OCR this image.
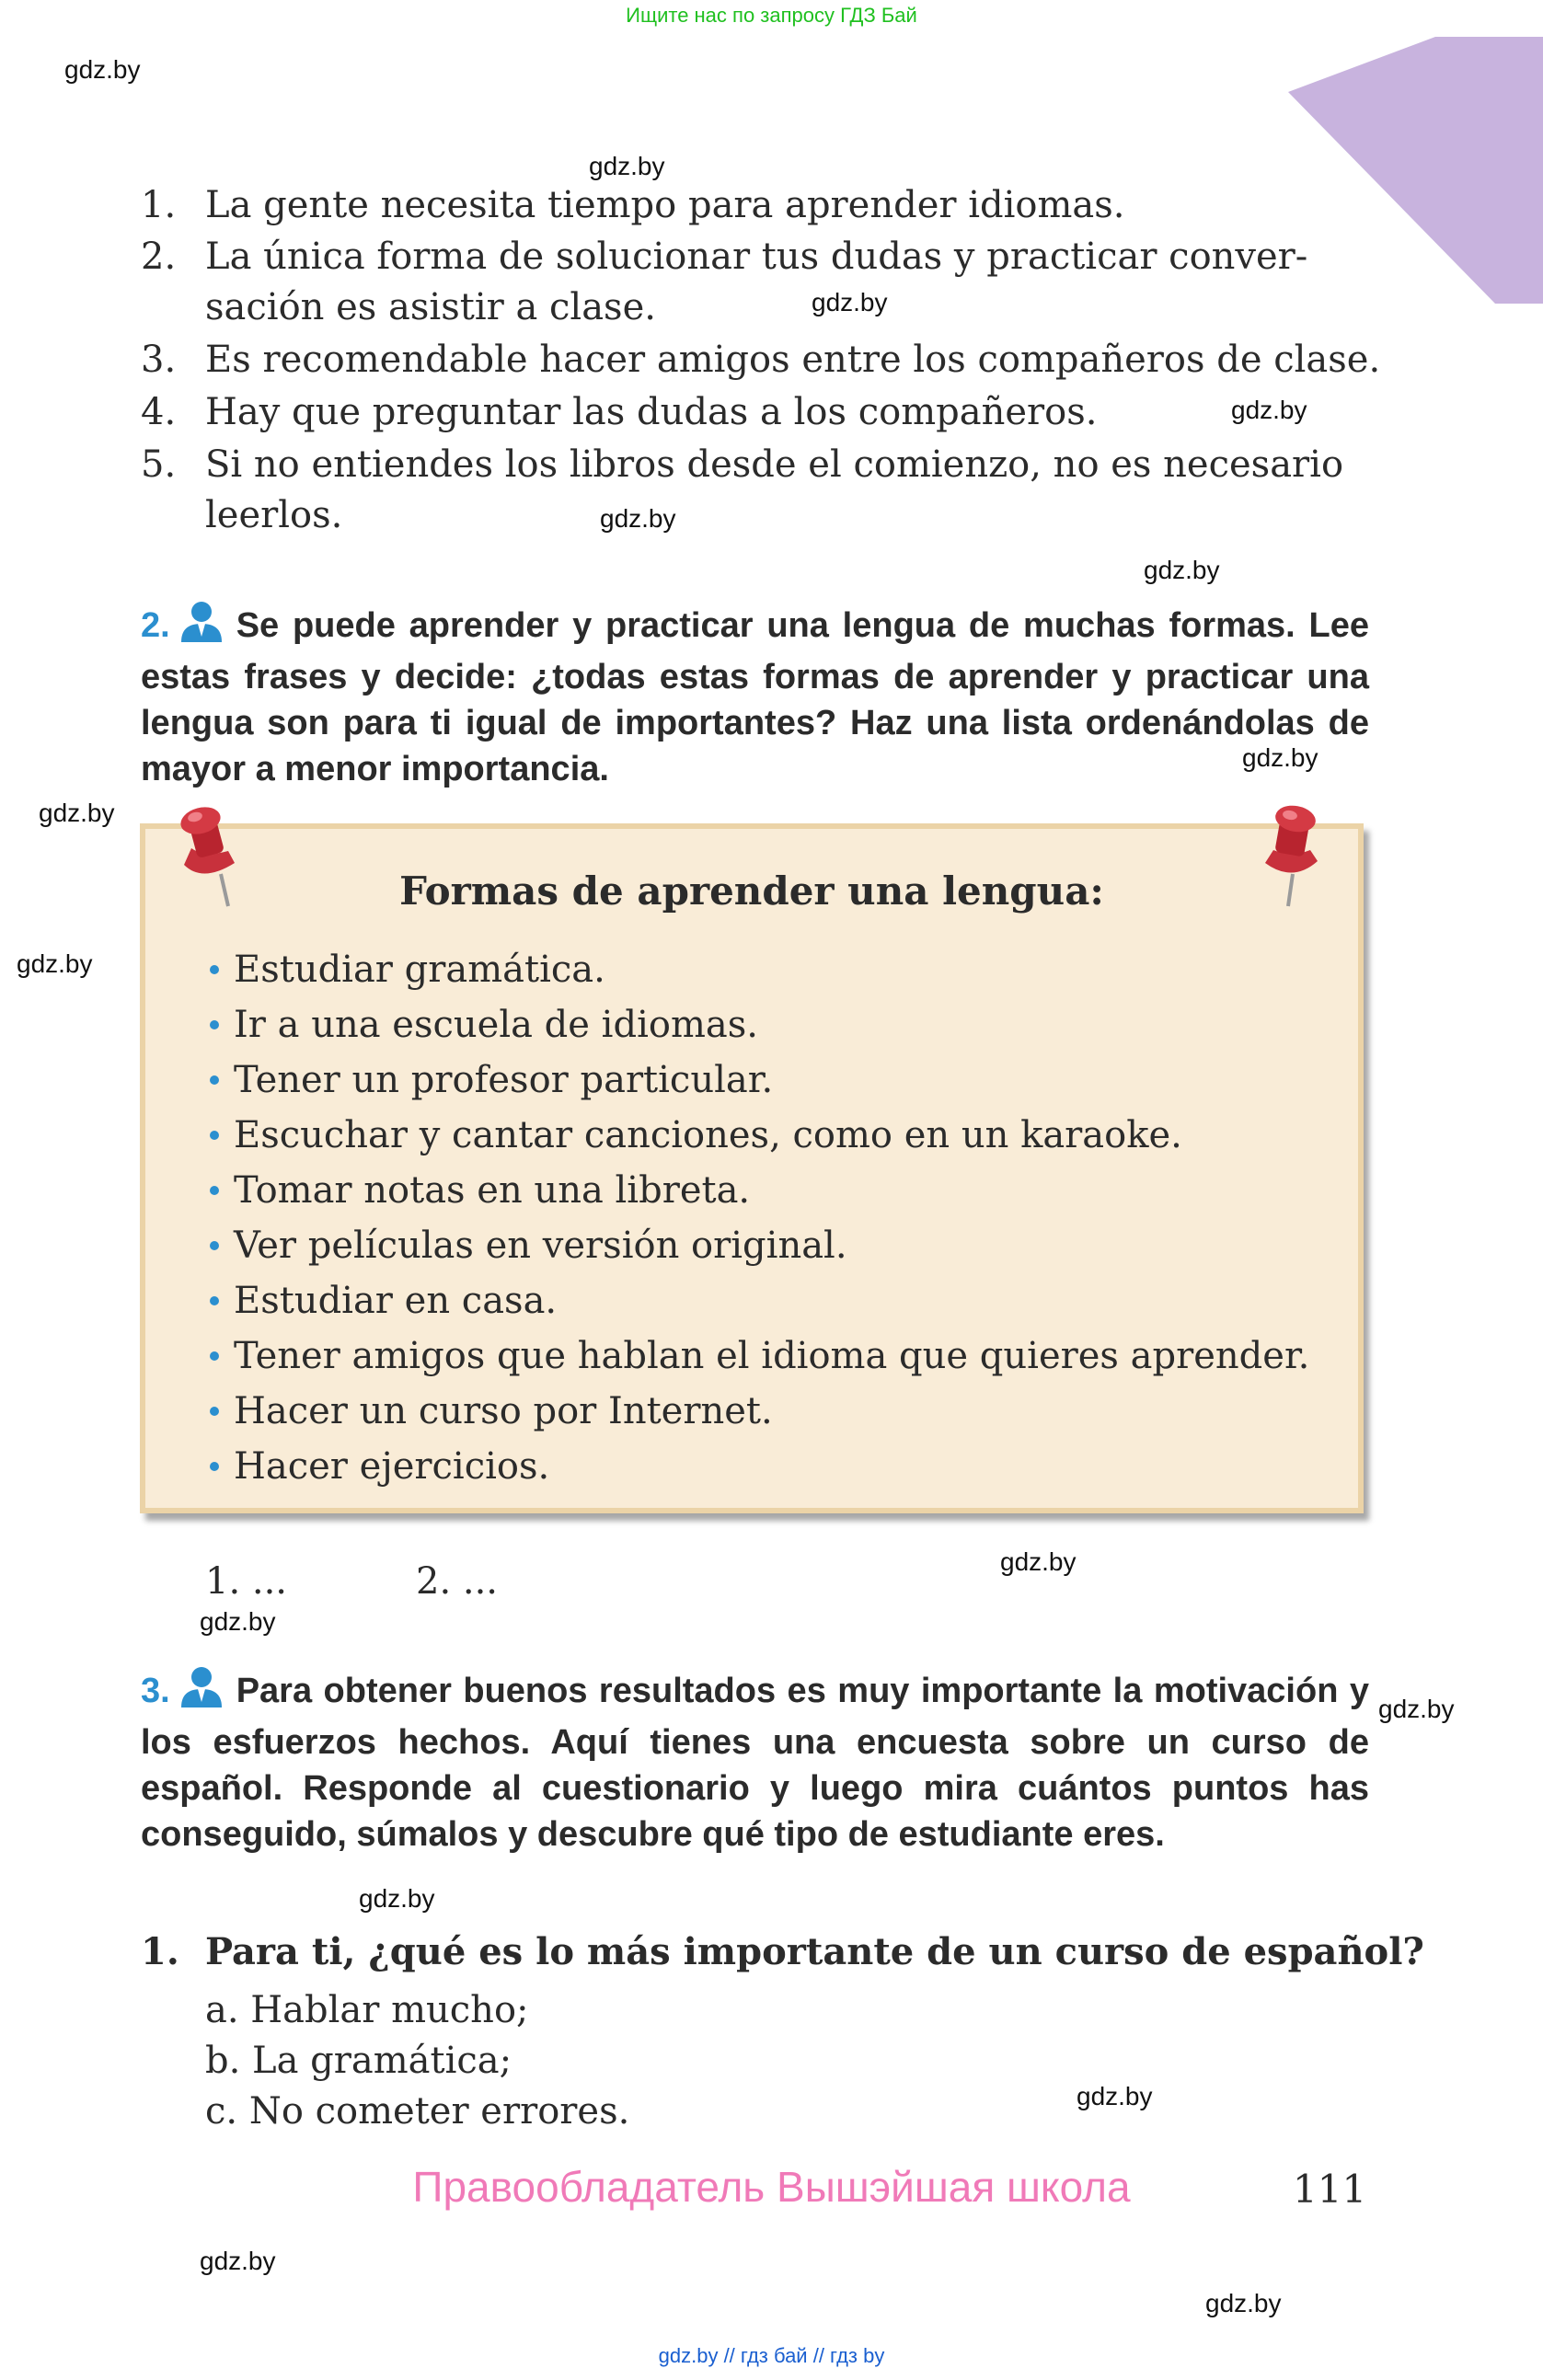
Ищите нас по запросу ГДЗ Бай
gdz.by
gdz.by
gdz.by
gdz.by
gdz.by
gdz.by
gdz.by
gdz.by
gdz.by
gdz.by
gdz.by
gdz.by
gdz.by
gdz.by
gdz.by
gdz.by
1. La gente necesita tiempo para aprender idiomas.
2. La única forma de solucionar tus dudas y practicar conver-
sación es asistir a clase.
3. Es recomendable hacer amigos entre los compañeros de clase.
4. Hay que preguntar las dudas a los compañeros.
5. Si no entiendes los libros desde el comienzo, no es necesario
leerlos.
2. Se puede aprender y practicar una lengua de muchas formas. Lee estas frases y decide: ¿todas estas formas de aprender y practicar una lengua son para ti igual de importantes? Haz una lista ordenándolas de mayor a menor importancia.
Formas de aprender una lengua:
Estudiar gramática.
Ir a una escuela de idiomas.
Tener un profesor particular.
Escuchar y cantar canciones, como en un karaoke.
Tomar notas en una libreta.
Ver películas en versión original.
Estudiar en casa.
Tener amigos que hablan el idioma que quieres aprender.
Hacer un curso por Internet.
Hacer ejercicios.
1. ...	2. ...
3. Para obtener buenos resultados es muy importante la motivación y los esfuerzos hechos. Aquí tienes una encuesta sobre un curso de español. Responde al cuestionario y luego mira cuántos puntos has conseguido, súmalos y descubre qué tipo de estudiante eres.
1. Para ti, ¿qué es lo más importante de un curso de español?
a. Hablar mucho;
b. La gramática;
c. No cometer errores.
Правообладатель Вышэйшая школа	111
gdz.by // гдз бай // гдз by
